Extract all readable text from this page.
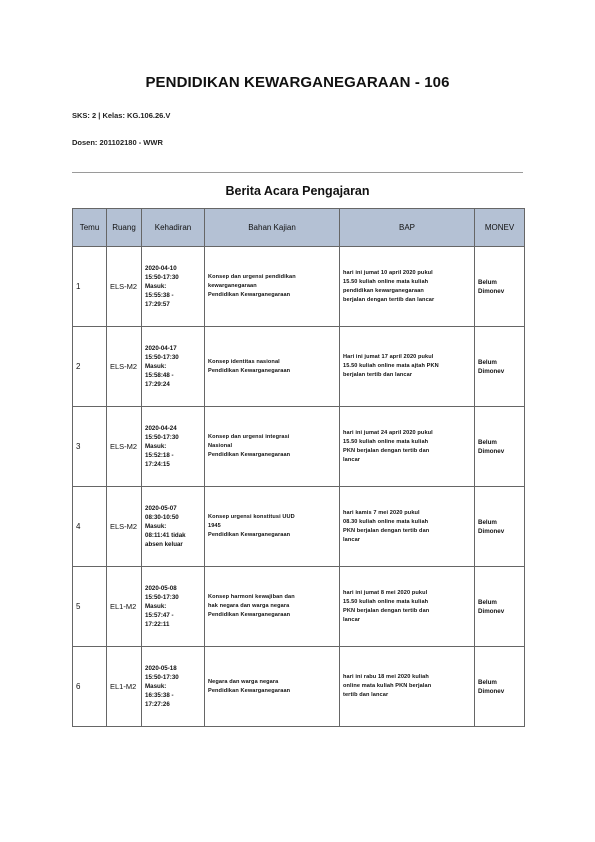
PENDIDIKAN KEWARGANEGARAAN - 106
SKS: 2 | Kelas: KG.106.26.V
Dosen: 201102180 - WWR
Berita Acara Pengajaran
Temu	Ruang	Kehadiran	Bahan Kajian	BAP	MONEV
1	ELS-M2	2020-04-10
15:50-17:30
Masuk:
15:55:38 -
17:29:57	Konsep dan urgensi pendidikan
kewarganegaraan
Pendidikan Kewarganegaraan	hari ini jumat 10 april 2020 pukul
15.50 kuliah online mata kuliah
pendidikan kewarganegaraan
berjalan dengan tertib dan lancar	Belum
Dimonev

2	ELS-M2	2020-04-17
15:50-17:30
Masuk:
15:58:48 -
17:29:24	Konsep identitas nasional
Pendidikan Kewarganegaraan	Hari ini jumat 17 april 2020 pukul
15.50 kuliah online mata ajtah PKN
berjalan tertib dan lancar	Belum
Dimonev

3	ELS-M2	2020-04-24
15:50-17:30
Masuk:
15:52:18 -
17:24:15	Konsep dan urgensi integrasi
Nasional
Pendidikan Kewarganegaraan	hari ini jumat 24 april 2020 pukul
15.50 kuliah online mata kuliah
PKN berjalan dengan tertib dan
lancar	Belum
Dimonev

4	ELS-M2	2020-05-07
08:30-10:50
Masuk:
08:11:41 tidak
absen keluar	Konsep urgensi konstitusi UUD
1945
Pendidikan Kewarganegaraan	hari kamis 7 mei 2020 pukul
08.30 kuliah online mata kuliah
PKN berjalan dengan tertib dan
lancar	Belum
Dimonev

5	EL1-M2	2020-05-08
15:50-17:30
Masuk:
15:57:47 -
17:22:11	Konsep harmoni kewajiban dan
hak negara dan warga negara
Pendidikan Kewarganegaraan	hari ini jumat 8 mei 2020 pukul
15.50 kuliah online mata kuliah
PKN berjalan dengan tertib dan
lancar	Belum
Dimonev

6	EL1-M2	2020-05-18
15:50-17:30
Masuk:
16:35:38 -
17:27:26	Negara dan warga negara
Pendidikan Kewarganegaraan	hari ini rabu 18 mei 2020 kuliah
online mata kuliah PKN berjalan
tertib dan lancar	Belum
Dimonev
